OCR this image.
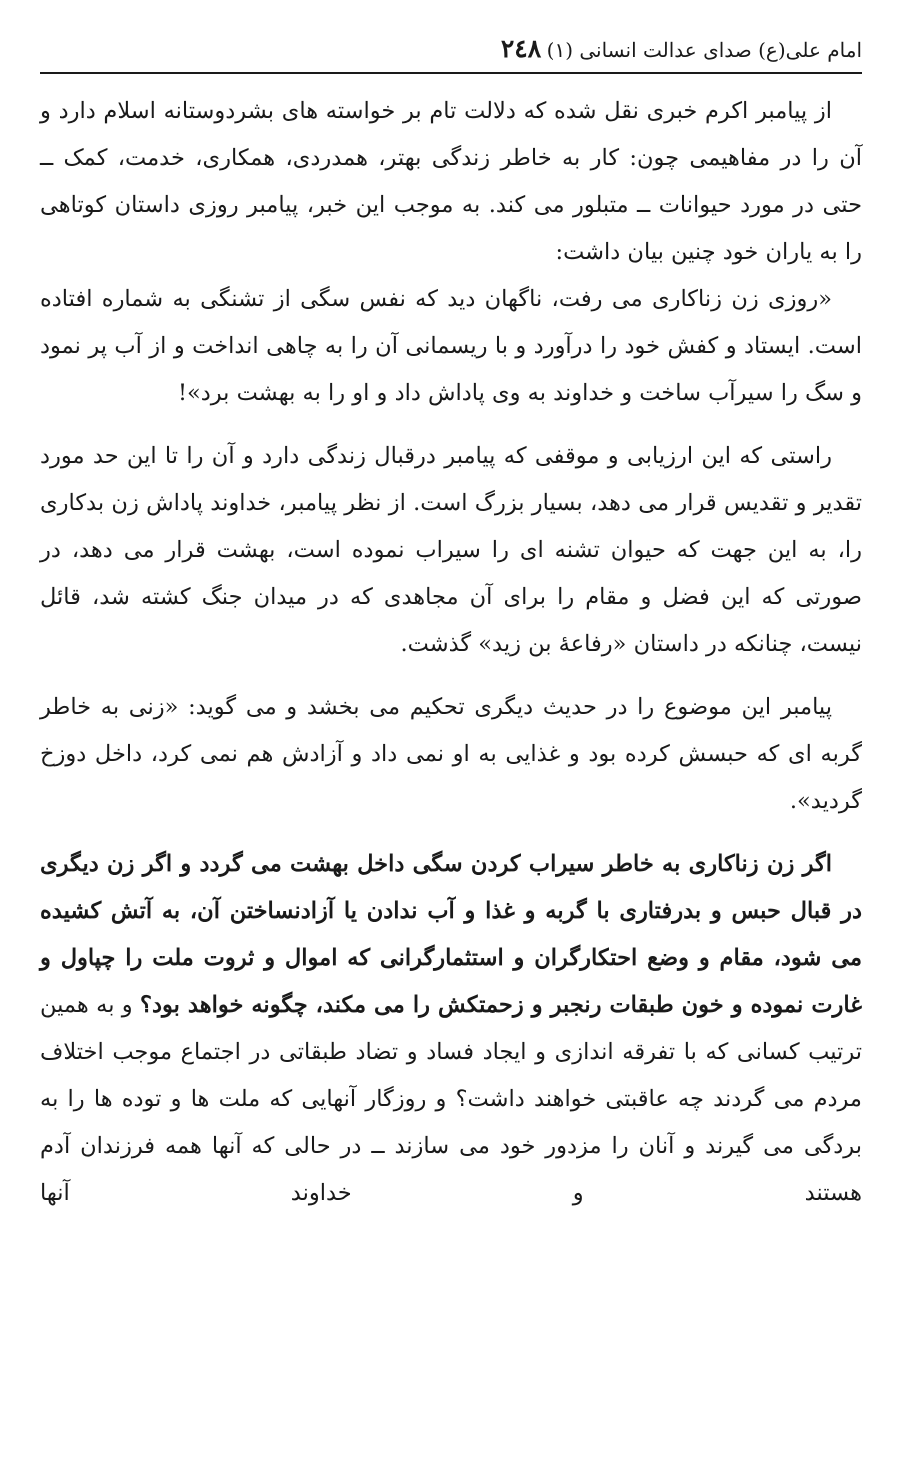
امام علی(ع) صدای عدالت انسانی (۱)
۲٤۸

از پیامبر اکرم خبری نقل شده که دلالت تام بر خواسته های بشردوستانه اسلام دارد و آن را در مفاهیمی چون: کار به خاطر زندگی بهتر، همدردی، همکاری، خدمت، کمک ــ حتی در مورد حیوانات ــ متبلور می کند. به موجب این خبر، پیامبر روزی داستان کوتاهی را به یاران خود چنین بیان داشت:

«روزی زن زناکاری می رفت، ناگهان دید که نفس سگی از تشنگی به شماره افتاده است. ایستاد و کفش خود را درآورد و با ریسمانی آن را به چاهی انداخت و از آب پر نمود و سگ را سیرآب ساخت و خداوند به وی پاداش داد و او را به بهشت برد»!

راستی که این ارزیابی و موقفی که پیامبر درقبال زندگی دارد و آن را تا این حد مورد تقدیر و تقدیس قرار می دهد، بسیار بزرگ است. از نظر پیامبر، خداوند پاداش زن بدکاری را، به این جهت که حیوان تشنه ای را سیراب نموده است، بهشت قرار می دهد، در صورتی که این فضل و مقام را برای آن مجاهدی که در میدان جنگ کشته شد، قائل نیست، چنانکه در داستان «رفاعۀ بن زید» گذشت.

پیامبر این موضوع را در حدیث دیگری تحکیم می بخشد و می گوید: «زنی به خاطر گربه ای که حبسش کرده بود و غذایی به او نمی داد و آزادش هم نمی کرد، داخل دوزخ گردید».

اگر زن زناکاری به خاطر سیراب کردن سگی داخل بهشت می گردد و اگر زن دیگری در قبال حبس و بدرفتاری با گربه و غذا و آب ندادن یا آزادنساختن آن، به آتش کشیده می شود، مقام و وضع احتکارگران و استثمارگرانی که اموال و ثروت ملت را چپاول و غارت نموده و خون طبقات رنجبر و زحمتکش را می مکند، چگونه خواهد بود؟ و به همین ترتیب کسانی که با تفرقه اندازی و ایجاد فساد و تضاد طبقاتی در اجتماع موجب اختلاف مردم می گردند چه عاقبتی خواهند داشت؟ و روزگار آنهایی که ملت ها و توده ها را به بردگی می گیرند و آنان را مزدور خود می سازند ــ در حالی که آنها همه فرزندان آدم هستند و خداوند آنها
